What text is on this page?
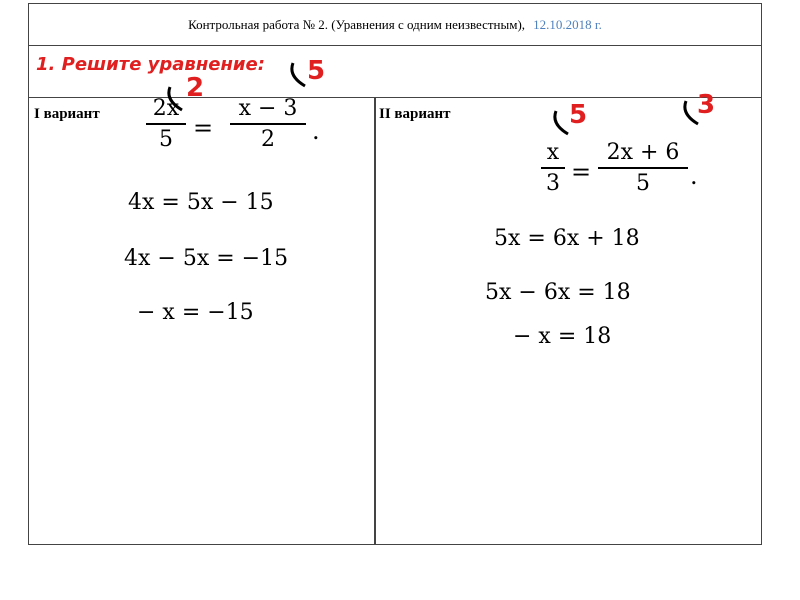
Контрольная работа № 2. (Уравнения с одним неизвестным), 12.10.2018 г.
1. Решите уравнение:
I вариант	II вариант
2x
5 =
x − 3
2	.
4x = 5x − 15
4x − 5x = −15
− x = −15
2
5
x
3 =
2x + 6
5	.
5x = 6x + 18
5x − 6x = 18
− x = 18
5	3
